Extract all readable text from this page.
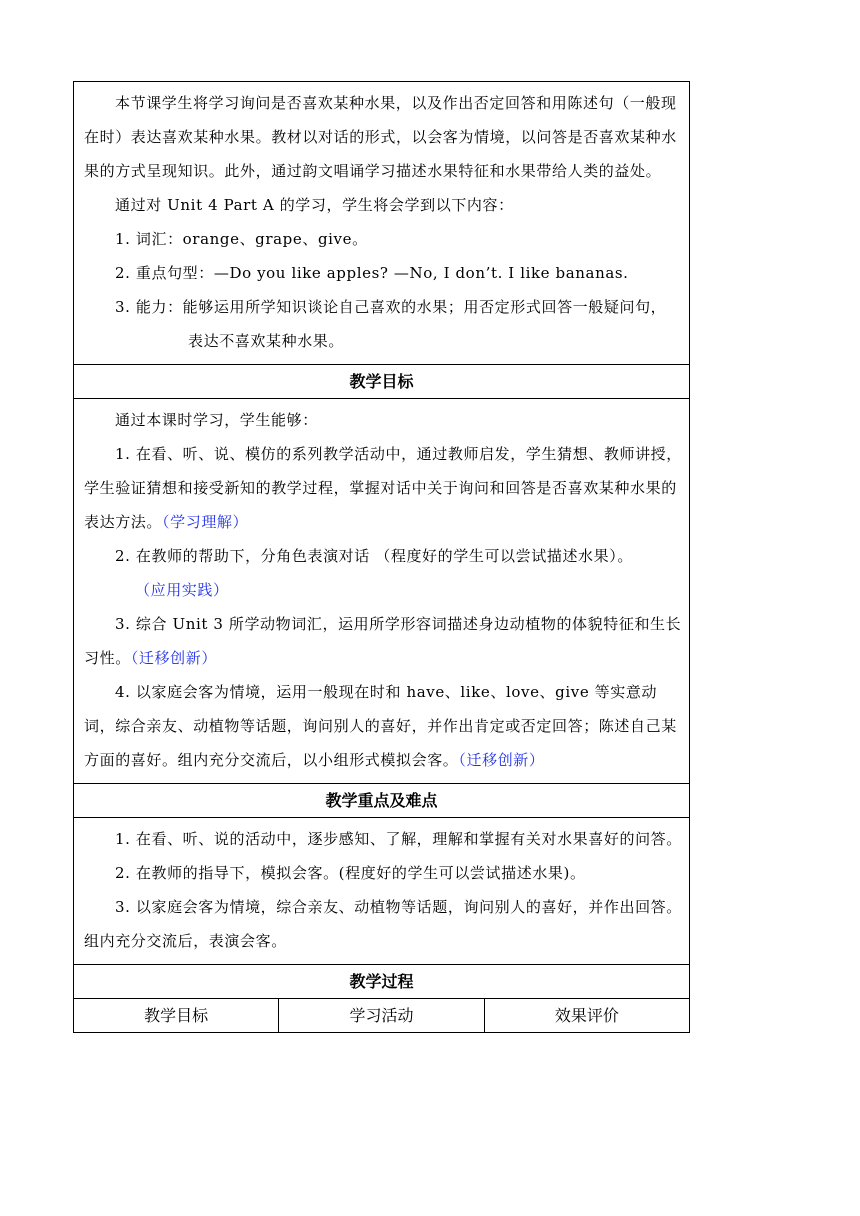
本节课学生将学习询问是否喜欢某种水果，以及作出否定回答和用陈述句（一般现在时）表达喜欢某种水果。教材以对话的形式，以会客为情境，以问答是否喜欢某种水果的方式呈现知识。此外，通过韵文唱诵学习描述水果特征和水果带给人类的益处。

通过对 Unit 4 Part A 的学习，学生将会学到以下内容：

1. 词汇：orange、grape、give。

2. 重点句型：—Do you like apples? —No, I don’t. I like bananas.

3. 能力：能够运用所学知识谈论自己喜欢的水果；用否定形式回答一般疑问句，

表达不喜欢某种水果。

教学目标

通过本课时学习，学生能够：

1. 在看、听、说、模仿的系列教学活动中，通过教师启发，学生猜想、教师讲授，学生验证猜想和接受新知的教学过程，掌握对话中关于询问和回答是否喜欢某种水果的表达方法。（学习理解）

2. 在教师的帮助下，分角色表演对话 （程度好的学生可以尝试描述水果）。

（应用实践）

3. 综合 Unit 3 所学动物词汇，运用所学形容词描述身边动植物的体貌特征和生长习性。（迁移创新）

4. 以家庭会客为情境，运用一般现在时和 have、like、love、give 等实意动词，综合亲友、动植物等话题，询问别人的喜好，并作出肯定或否定回答；陈述自己某方面的喜好。组内充分交流后，以小组形式模拟会客。（迁移创新）

教学重点及难点

1. 在看、听、说的活动中，逐步感知、了解，理解和掌握有关对水果喜好的问答。

2. 在教师的指导下，模拟会客。(程度好的学生可以尝试描述水果)。

3. 以家庭会客为情境，综合亲友、动植物等话题，询问别人的喜好，并作出回答。组内充分交流后，表演会客。

教学过程
教学目标	学习活动	效果评价
